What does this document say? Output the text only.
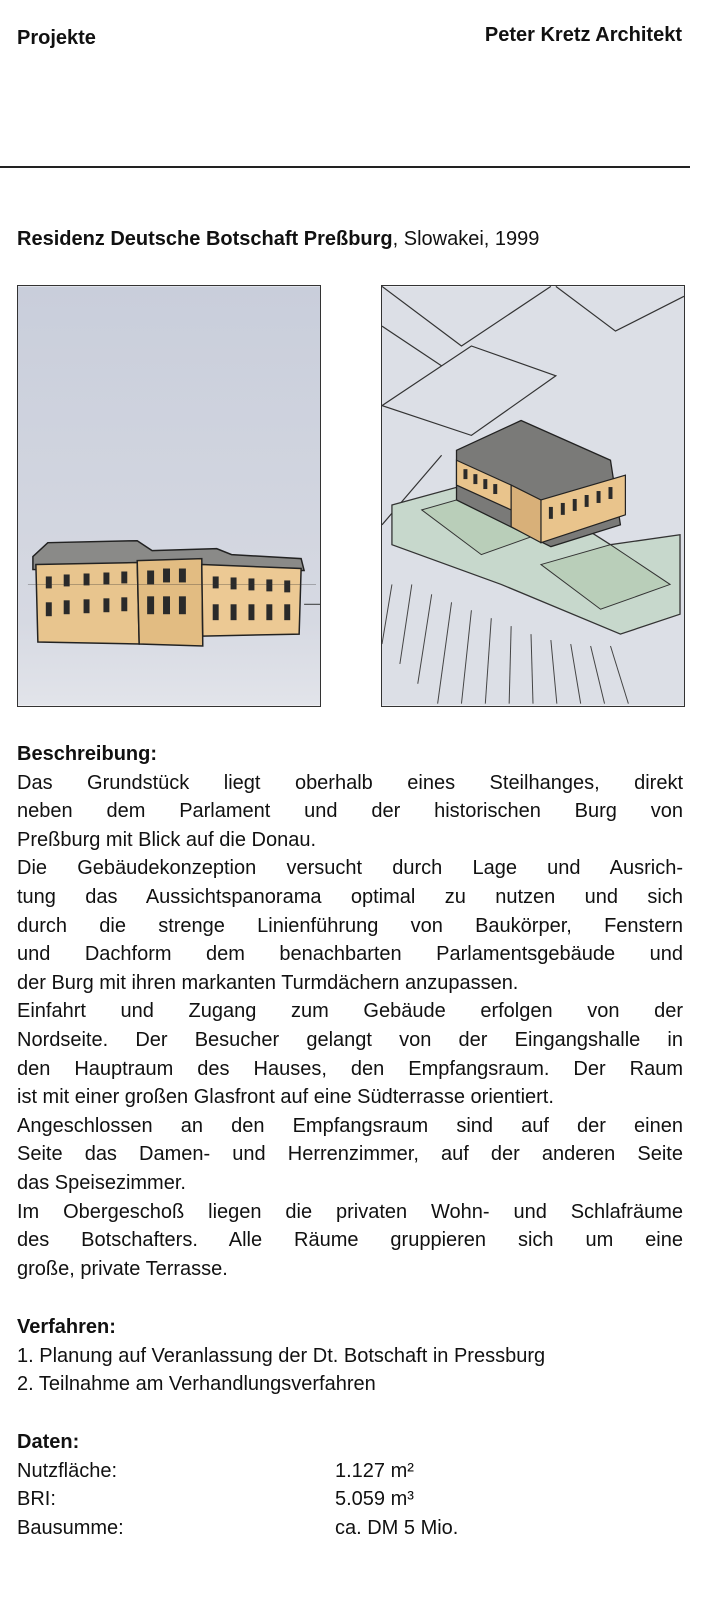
Projekte	Peter Kretz Architekt
Residenz Deutsche Botschaft Preßburg, Slowakei, 1999
Beschreibung:
Das Grundstück liegt oberhalb eines Steilhanges, direkt
neben dem Parlament und der historischen Burg von
Preßburg mit Blick auf die Donau.
Die Gebäudekonzeption versucht durch Lage und Ausrich-
tung das Aussichtspanorama optimal zu nutzen und sich
durch die strenge Linienführung von Baukörper, Fenstern
und Dachform dem benachbarten Parlamentsgebäude und
der Burg mit ihren markanten Turmdächern anzupassen.
Einfahrt und Zugang zum Gebäude erfolgen von der
Nordseite. Der Besucher gelangt von der Eingangshalle in
den Hauptraum des Hauses, den Empfangsraum. Der Raum
ist mit einer großen Glasfront auf eine Südterrasse orientiert.
Angeschlossen an den Empfangsraum sind auf der einen
Seite das Damen- und Herrenzimmer, auf der anderen Seite
das Speisezimmer.
Im Obergeschoß liegen die privaten Wohn- und Schlafräume
des Botschafters. Alle Räume gruppieren sich um eine
große, private Terrasse.
Verfahren:
1. Planung auf Veranlassung der Dt. Botschaft in Pressburg
2. Teilnahme am Verhandlungsverfahren
Daten:
Nutzfläche:	1.127 m²
BRI:	5.059 m³
Bausumme:	ca. DM 5 Mio.
